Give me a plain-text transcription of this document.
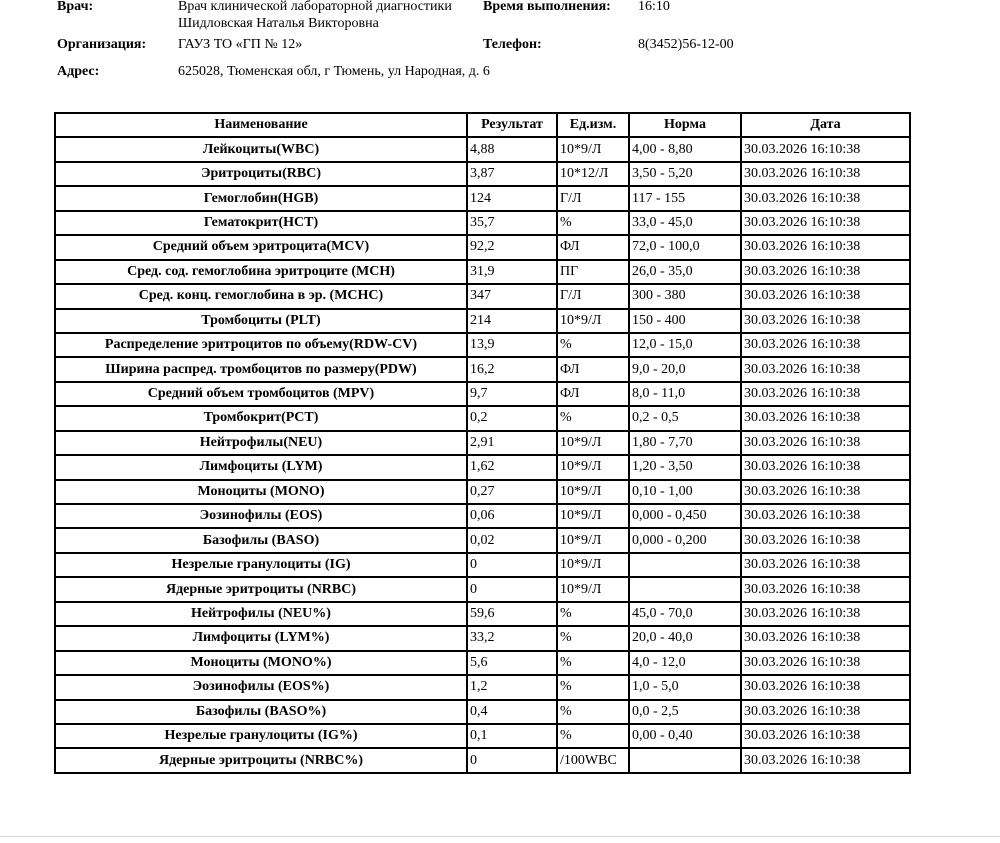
Врач:	Врач клинической лабораторной диагностики
Шидловская Наталья Викторовна
Время выполнения: 16:10
Организация: ГАУЗ ТО «ГП № 12»	Телефон:	8(3452)56-12-00
Адрес:	625028, Тюменская обл, г Тюмень, ул Народная, д. 6
Наименование	Результат	Ед.изм.	Норма	Дата
Лейкоциты(WBC)	4,88	10*9/Л	4,00 - 8,80	30.03.2026 16:10:38
Эритроциты(RBC)	3,87	10*12/Л	3,50 - 5,20	30.03.2026 16:10:38
Гемоглобин(HGB)	124	Г/Л	117 - 155	30.03.2026 16:10:38
Гематокрит(HCT)	35,7	%	33,0 - 45,0	30.03.2026 16:10:38
Средний объем эритроцита(MCV)	92,2	ФЛ	72,0 - 100,0	30.03.2026 16:10:38
Сред. сод. гемоглобина эритроците (MCH)	31,9	ПГ	26,0 - 35,0	30.03.2026 16:10:38
Сред. конц. гемоглобина в эр. (MCHC)	347	Г/Л	300 - 380	30.03.2026 16:10:38
Тромбоциты (PLT)	214	10*9/Л	150 - 400	30.03.2026 16:10:38
Распределение эритроцитов по объему(RDW-CV)	13,9	%	12,0 - 15,0	30.03.2026 16:10:38
Ширина распред. тромбоцитов по размеру(PDW)	16,2	ФЛ	9,0 - 20,0	30.03.2026 16:10:38
Средний объем тромбоцитов (MPV)	9,7	ФЛ	8,0 - 11,0	30.03.2026 16:10:38
Тромбокрит(PCT)	0,2	%	0,2 - 0,5	30.03.2026 16:10:38
Нейтрофилы(NEU)	2,91	10*9/Л	1,80 - 7,70	30.03.2026 16:10:38
Лимфоциты (LYM)	1,62	10*9/Л	1,20 - 3,50	30.03.2026 16:10:38
Моноциты (MONO)	0,27	10*9/Л	0,10 - 1,00	30.03.2026 16:10:38
Эозинофилы (EOS)	0,06	10*9/Л	0,000 - 0,450	30.03.2026 16:10:38
Базофилы (BASO)	0,02	10*9/Л	0,000 - 0,200	30.03.2026 16:10:38
Незрелые гранулоциты (IG)	0	10*9/Л		30.03.2026 16:10:38
Ядерные эритроциты (NRBC)	0	10*9/Л		30.03.2026 16:10:38
Нейтрофилы (NEU%)	59,6	%	45,0 - 70,0	30.03.2026 16:10:38
Лимфоциты (LYM%)	33,2	%	20,0 - 40,0	30.03.2026 16:10:38
Моноциты (MONO%)	5,6	%	4,0 - 12,0	30.03.2026 16:10:38
Эозинофилы (EOS%)	1,2	%	1,0 - 5,0	30.03.2026 16:10:38
Базофилы (BASO%)	0,4	%	0,0 - 2,5	30.03.2026 16:10:38
Незрелые гранулоциты (IG%)	0,1	%	0,00 - 0,40	30.03.2026 16:10:38
Ядерные эритроциты (NRBC%)	0	/100WBC		30.03.2026 16:10:38
